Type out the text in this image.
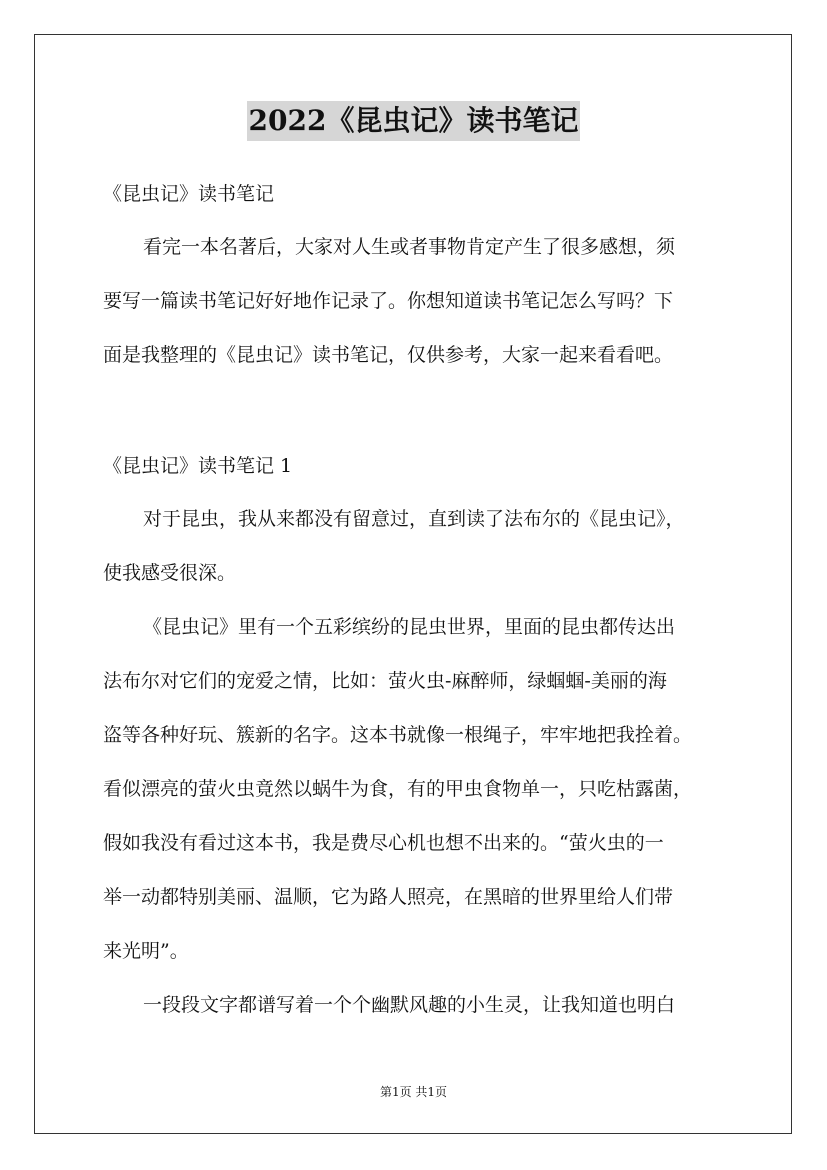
2022《昆虫记》读书笔记
《昆虫记》读书笔记
看完一本名著后，大家对人生或者事物肯定产生了很多感想，须
要写一篇读书笔记好好地作记录了。你想知道读书笔记怎么写吗？下
面是我整理的《昆虫记》读书笔记，仅供参考，大家一起来看看吧。
《昆虫记》读书笔记 1
对于昆虫，我从来都没有留意过，直到读了法布尔的《昆虫记》，
使我感受很深。
《昆虫记》里有一个五彩缤纷的昆虫世界，里面的昆虫都传达出
法布尔对它们的宠爱之情，比如：萤火虫-麻醉师，绿蝈蝈-美丽的海
盗等各种好玩、簇新的名字。这本书就像一根绳子，牢牢地把我拴着。
看似漂亮的萤火虫竟然以蜗牛为食，有的甲虫食物单一，只吃枯露菌，
假如我没有看过这本书，我是费尽心机也想不出来的。“萤火虫的一
举一动都特别美丽、温顺，它为路人照亮，在黑暗的世界里给人们带
来光明”。
一段段文字都谱写着一个个幽默风趣的小生灵，让我知道也明白
第1页 共1页
